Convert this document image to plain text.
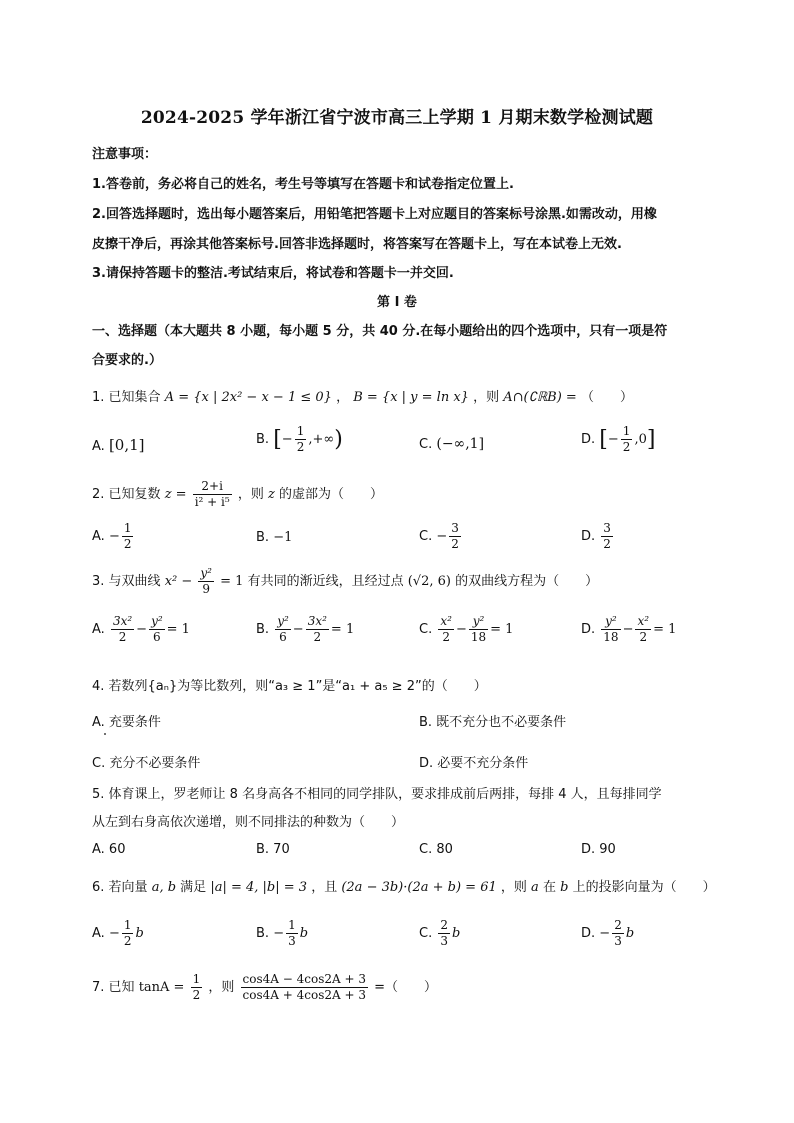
2024-2025 学年浙江省宁波市高三上学期 1 月期末数学检测试题
注意事项：
1.答卷前，务必将自己的姓名，考生号等填写在答题卡和试卷指定位置上.
2.回答选择题时，选出每小题答案后，用铅笔把答题卡上对应题目的答案标号涂黑.如需改动，用橡
皮擦干净后，再涂其他答案标号.回答非选择题时，将答案写在答题卡上，写在本试卷上无效.
3.请保持答题卡的整洁.考试结束后，将试卷和答题卡一并交回.
第 I 卷
一、选择题（本大题共 8 小题，每小题 5 分，共 40 分.在每小题给出的四个选项中，只有一项是符
合要求的.）
1. 已知集合 A = {x | 2x² − x − 1 ≤ 0} ， B = {x | y = ln x} ，则 A∩(∁ℝB) = （　　）
A. [0,1]	B. [− $\frac{1}{2}$ ,+∞)	C. (−∞,1]	D. [− $\frac{1}{2} ,0$]
2. 已知复数 $z = \frac{2+i}{\text{i² + i⁵}}$ ，则 z 的虚部为（　　）
A. − $\frac{1}{2}$	B. −1	C. − $\frac{3}{2}$	D. $\frac{3}{2}$
3. 与双曲线 $x^2 - \frac{\text{y²}}{9} = 1$ 有共同的渐近线，且经过点 (√2, 6) 的双曲线方程为（　　）
A. $\frac{\text{3x²}}{2} - \frac{\text{y²}}{6} = 1$	B. $\frac{\text{y²}}{6} - \frac{\text{3x²}}{2} = 1$	C. $\frac{\text{x²}}{2} - \frac{\text{y²}}{18} = 1$	D. $\frac{\text{y²}}{18} - \frac{\text{x²}}{2} = 1$
4. 若数列{aₙ}为等比数列，则“a₃ ≥ 1”是“a₁ + a₅ ≥ 2”的（　　）
A. 充要条件	B. 既不充分也不必要条件
C. 充分不必要条件	D. 必要不充分条件
5. 体育课上，罗老师让 8 名身高各不相同的同学排队，要求排成前后两排，每排 4 人，且每排同学
从左到右身高依次递增，则不同排法的种数为（　　）
A. 60	B. 70	C. 80	D. 90
6. 若向量 a, b 满足 |a| = 4, |b| = 3 ，且 (2a − 3b)·(2a + b) = 61 ，则 a 在 b 上的投影向量为（　　）
A. − $\frac{1}{2}$ b	B. − $\frac{1}{3}$ b	C. $\frac{2}{3}$ b	D. − $\frac{2}{3}$ b
7. 已知 $\tan A = \frac{1}{2}$ ，则 $\frac{\cos 4A - 4\cos 2A + 3}{\cos 4A + 4\cos 2A + 3}$ =（　　）
